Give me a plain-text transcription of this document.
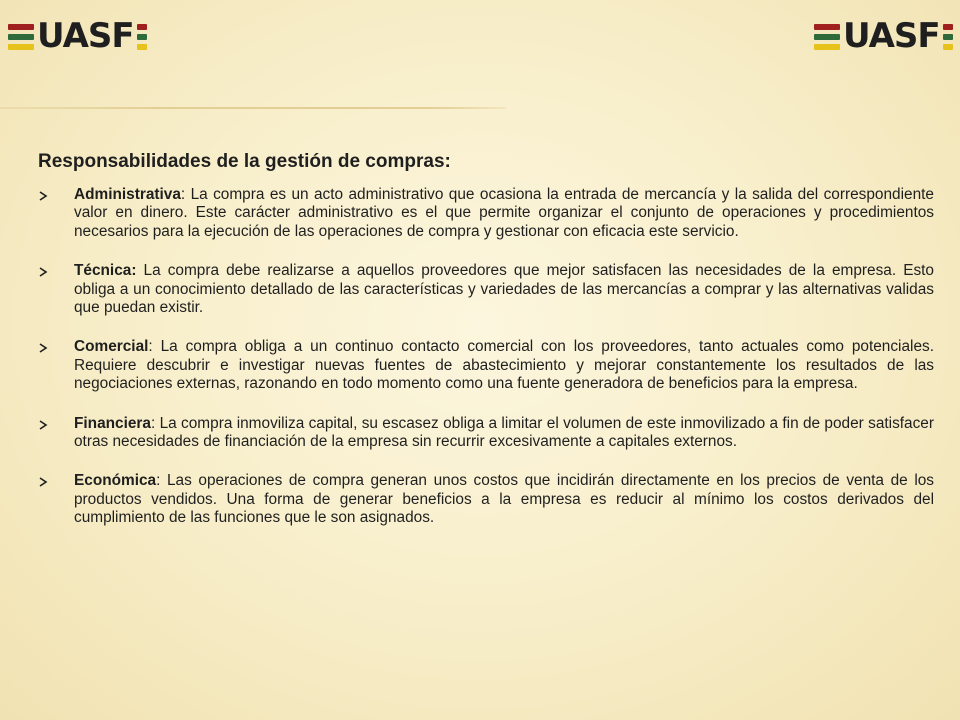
UASF	UASF
Responsabilidades de la gestión de compras:
Administrativa: La compra es un acto administrativo que ocasiona la entrada de mercancía y la salida del correspondiente valor en dinero. Este carácter administrativo es el que permite organizar el conjunto de operaciones y procedimientos necesarios para la ejecución de las operaciones de compra y gestionar con eficacia este servicio.
Técnica: La compra debe realizarse a aquellos proveedores que mejor satisfacen las necesidades de la empresa. Esto obliga a un conocimiento detallado de las características y variedades de las mercancías a comprar y las alternativas validas que puedan existir.
Comercial: La compra obliga a un continuo contacto comercial con los proveedores, tanto actuales como potenciales. Requiere descubrir e investigar nuevas fuentes de abastecimiento y mejorar constantemente los resultados de las negociaciones externas, razonando en todo momento como una fuente generadora de beneficios para la empresa.
Financiera: La compra inmoviliza capital, su escasez obliga a limitar el volumen de este inmovilizado a fin de poder satisfacer otras necesidades de financiación de la empresa sin recurrir excesivamente a capitales externos.
Económica: Las operaciones de compra generan unos costos que incidirán directamente en los precios de venta de los productos vendidos. Una forma de generar beneficios a la empresa es reducir al mínimo los costos derivados del cumplimiento de las funciones que le son asignados.
